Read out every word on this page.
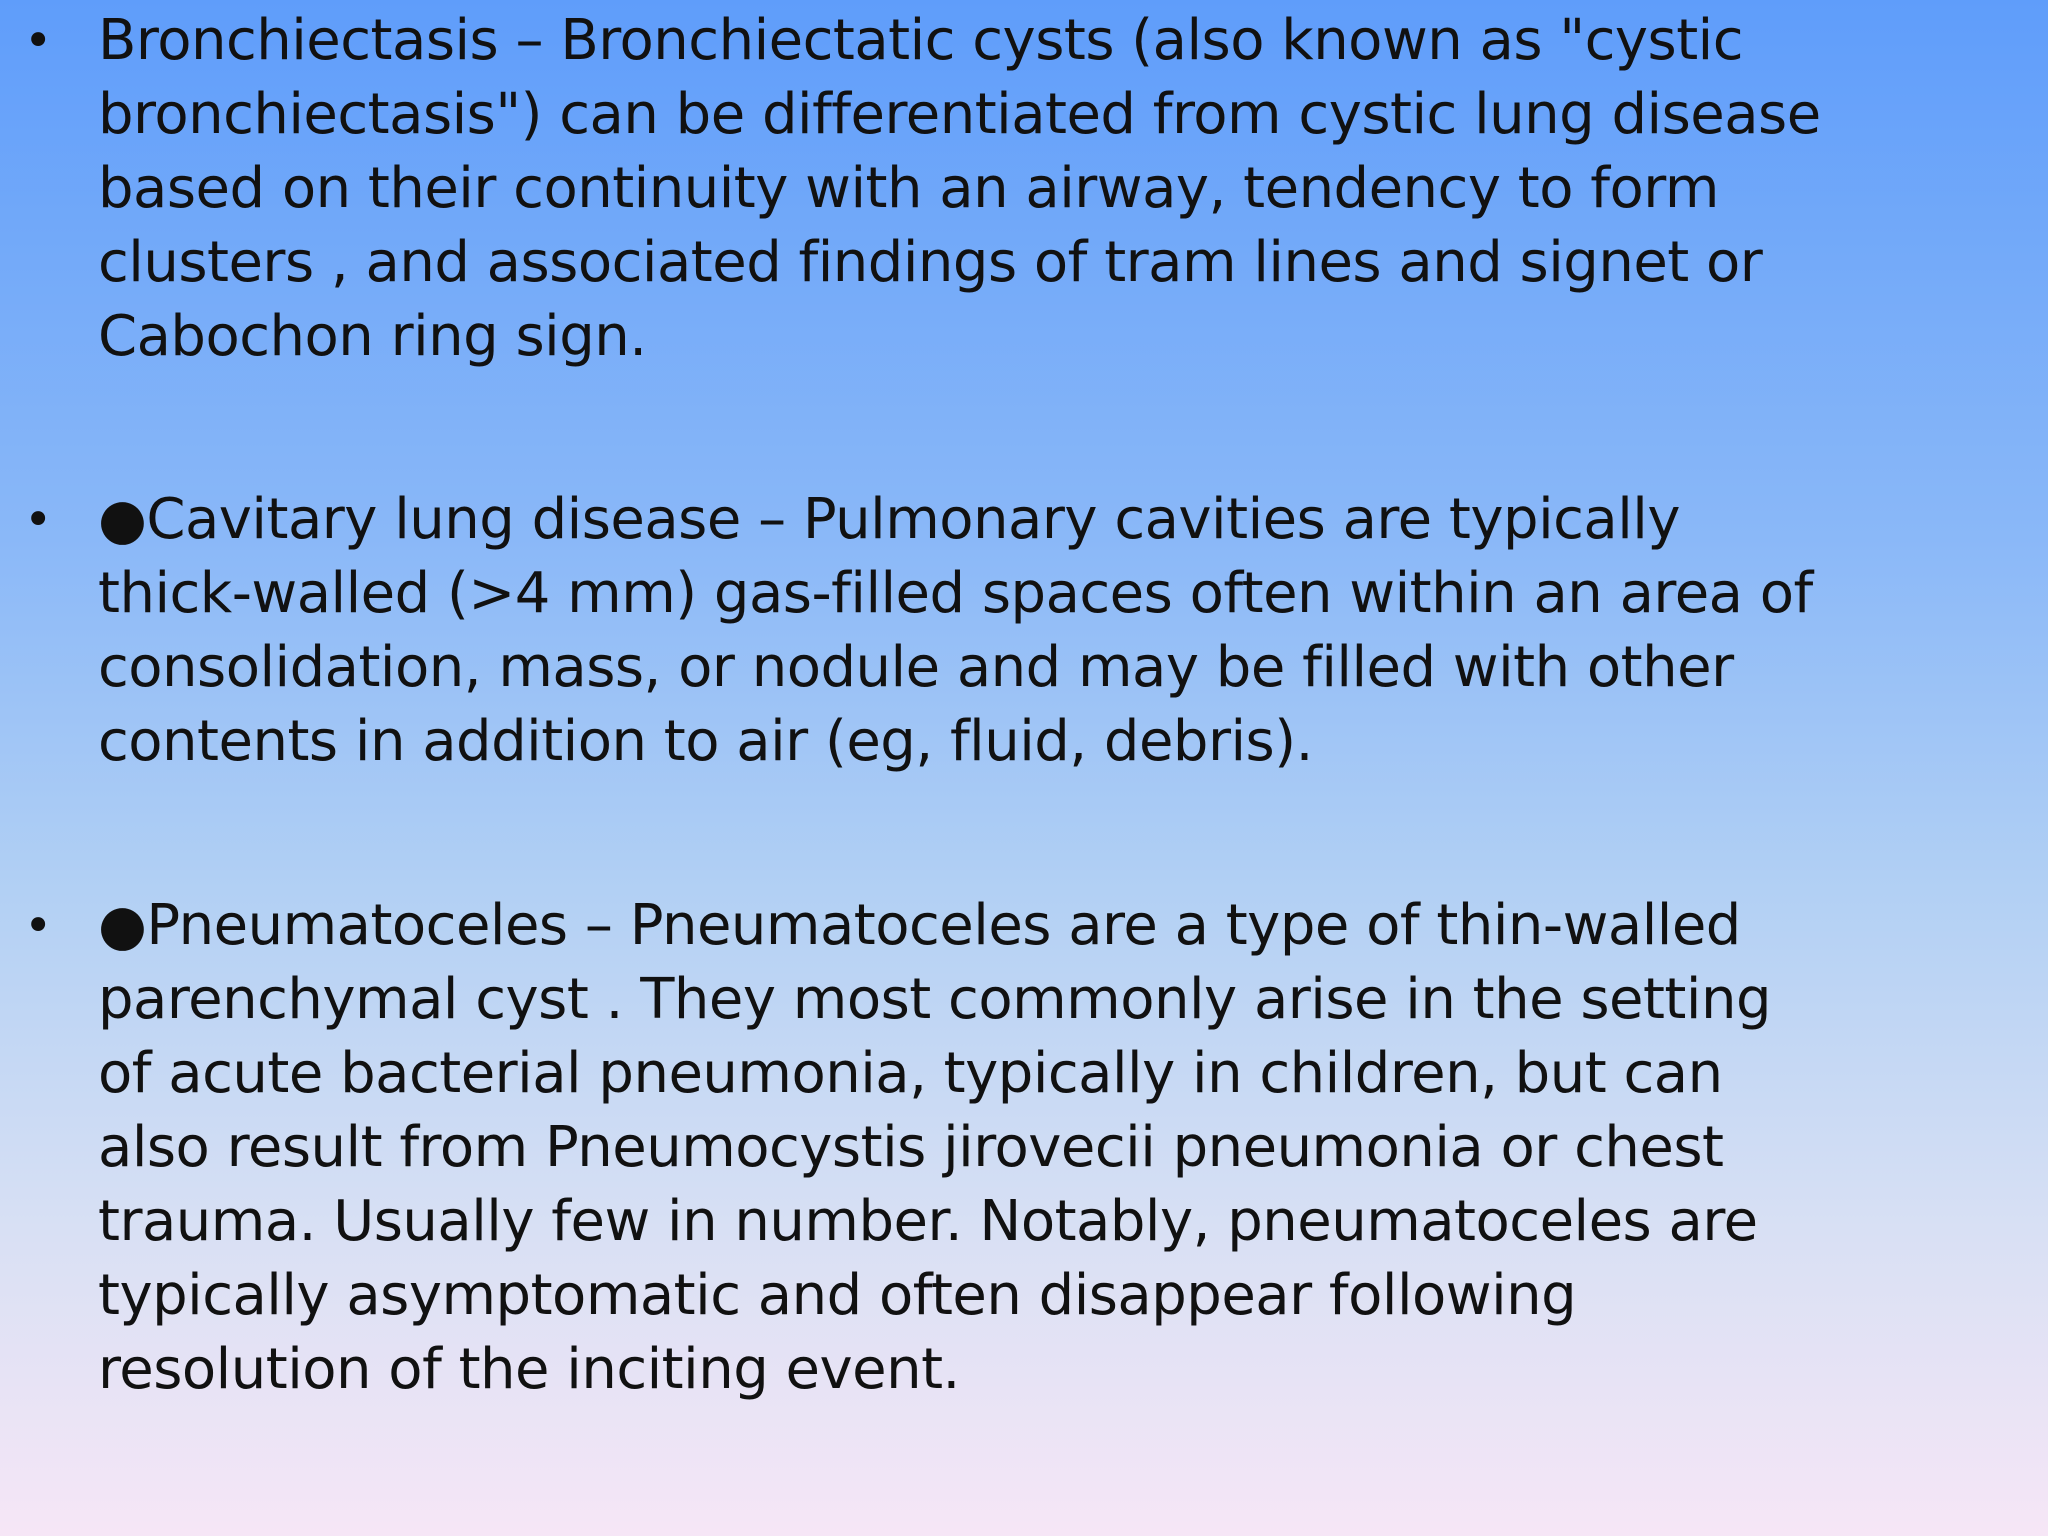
• Bronchiectasis – Bronchiectatic cysts (also known as "cystic
bronchiectasis") can be differentiated from cystic lung disease
based on their continuity with an airway, tendency to form
clusters , and associated findings of tram lines and signet or
Cabochon ring sign.

• ●Cavitary lung disease – Pulmonary cavities are typically
thick-walled (>4 mm) gas-filled spaces often within an area of
consolidation, mass, or nodule and may be filled with other
contents in addition to air (eg, fluid, debris).

• ●Pneumatoceles – Pneumatoceles are a type of thin-walled
parenchymal cyst . They most commonly arise in the setting
of acute bacterial pneumonia, typically in children, but can
also result from Pneumocystis jirovecii pneumonia or chest
trauma. Usually few in number. Notably, pneumatoceles are
typically asymptomatic and often disappear following
resolution of the inciting event.
